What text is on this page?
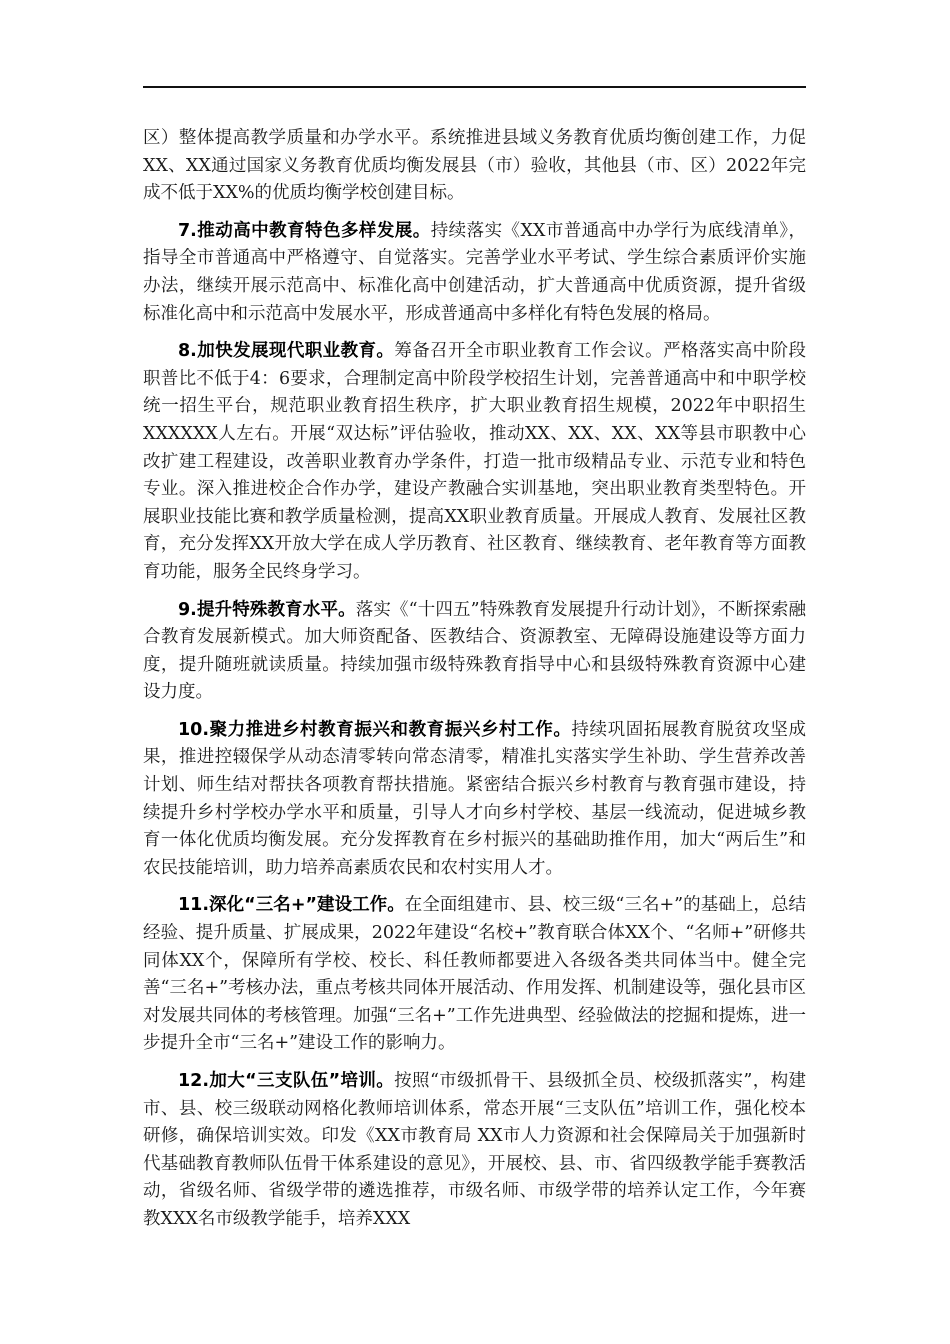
区）整体提高教学质量和办学水平。系统推进县域义务教育优质均衡创建工作，力促XX、XX通过国家义务教育优质均衡发展县（市）验收，其他县（市、区）2022年完成不低于XX%的优质均衡学校创建目标。

7.推动高中教育特色多样发展。持续落实《XX市普通高中办学行为底线清单》，指导全市普通高中严格遵守、自觉落实。完善学业水平考试、学生综合素质评价实施办法，继续开展示范高中、标准化高中创建活动，扩大普通高中优质资源，提升省级标准化高中和示范高中发展水平，形成普通高中多样化有特色发展的格局。

8.加快发展现代职业教育。筹备召开全市职业教育工作会议。严格落实高中阶段职普比不低于4：6要求，合理制定高中阶段学校招生计划，完善普通高中和中职学校统一招生平台，规范职业教育招生秩序，扩大职业教育招生规模，2022年中职招生XXXXXX人左右。开展“双达标”评估验收，推动XX、XX、XX、XX等县市职教中心改扩建工程建设，改善职业教育办学条件，打造一批市级精品专业、示范专业和特色专业。深入推进校企合作办学，建设产教融合实训基地，突出职业教育类型特色。开展职业技能比赛和教学质量检测，提高XX职业教育质量。开展成人教育、发展社区教育，充分发挥XX开放大学在成人学历教育、社区教育、继续教育、老年教育等方面教育功能，服务全民终身学习。

9.提升特殊教育水平。落实《“十四五”特殊教育发展提升行动计划》，不断探索融合教育发展新模式。加大师资配备、医教结合、资源教室、无障碍设施建设等方面力度，提升随班就读质量。持续加强市级特殊教育指导中心和县级特殊教育资源中心建设力度。

10.聚力推进乡村教育振兴和教育振兴乡村工作。持续巩固拓展教育脱贫攻坚成果，推进控辍保学从动态清零转向常态清零，精准扎实落实学生补助、学生营养改善计划、师生结对帮扶各项教育帮扶措施。紧密结合振兴乡村教育与教育强市建设，持续提升乡村学校办学水平和质量，引导人才向乡村学校、基层一线流动，促进城乡教育一体化优质均衡发展。充分发挥教育在乡村振兴的基础助推作用，加大“两后生”和农民技能培训，助力培养高素质农民和农村实用人才。

11.深化“三名+”建设工作。在全面组建市、县、校三级“三名+”的基础上，总结经验、提升质量、扩展成果，2022年建设“名校+”教育联合体XX个、“名师+”研修共同体XX个，保障所有学校、校长、科任教师都要进入各级各类共同体当中。健全完善“三名+”考核办法，重点考核共同体开展活动、作用发挥、机制建设等，强化县市区对发展共同体的考核管理。加强“三名+”工作先进典型、经验做法的挖掘和提炼，进一步提升全市“三名+”建设工作的影响力。

12.加大“三支队伍”培训。按照“市级抓骨干、县级抓全员、校级抓落实”，构建市、县、校三级联动网格化教师培训体系，常态开展“三支队伍”培训工作，强化校本研修，确保培训实效。印发《XX市教育局 XX市人力资源和社会保障局关于加强新时代基础教育教师队伍骨干体系建设的意见》，开展校、县、市、省四级教学能手赛教活动，省级名师、省级学带的遴选推荐，市级名师、市级学带的培养认定工作，今年赛教XXX名市级教学能手，培养XXX
